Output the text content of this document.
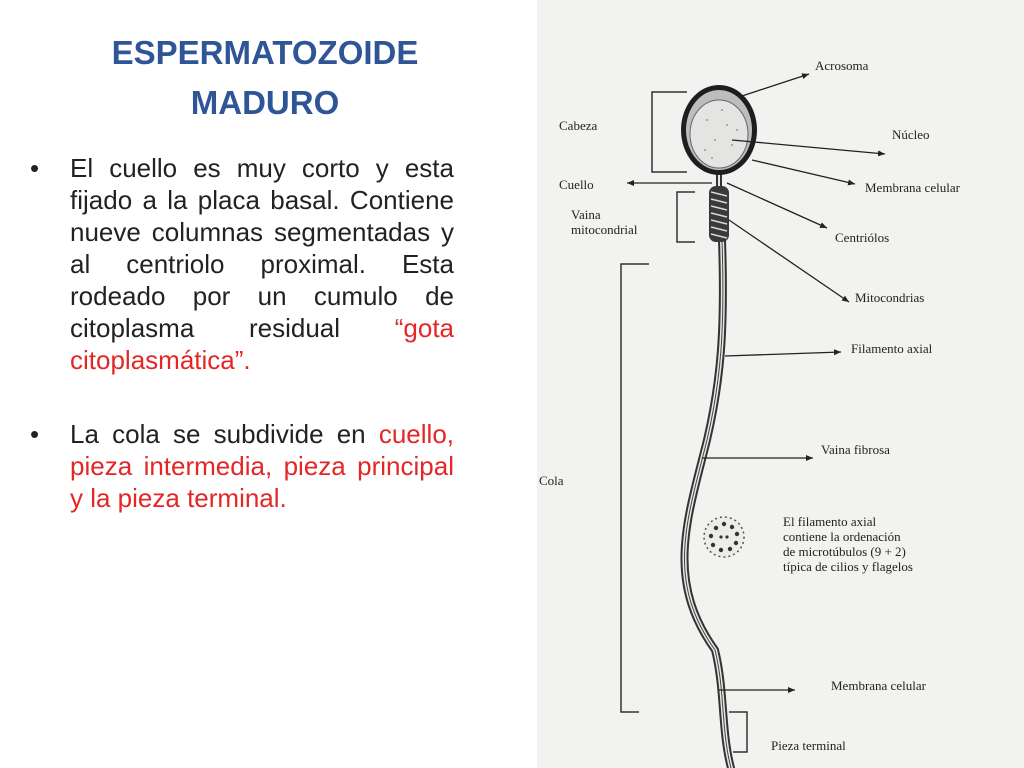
ESPERMATOZOIDE
MADURO
• El cuello es muy corto y esta fijado a la placa basal. Contiene nueve columnas segmentadas y al centriolo proximal. Esta rodeado por un cumulo de citoplasma residual “gota citoplasmática”.
• La cola se subdivide en cuello, pieza intermedia, pieza principal y la pieza terminal.
Cabeza
Cuello
Vaina
mitocondrial
Cola
Acrosoma
Núcleo
Membrana celular
Centriólos
Mitocondrias
Filamento axial
Vaina fibrosa
El filamento axial contiene la ordenación de microtúbulos (9 + 2) típica de cilios y flagelos
Membrana celular
Pieza terminal
